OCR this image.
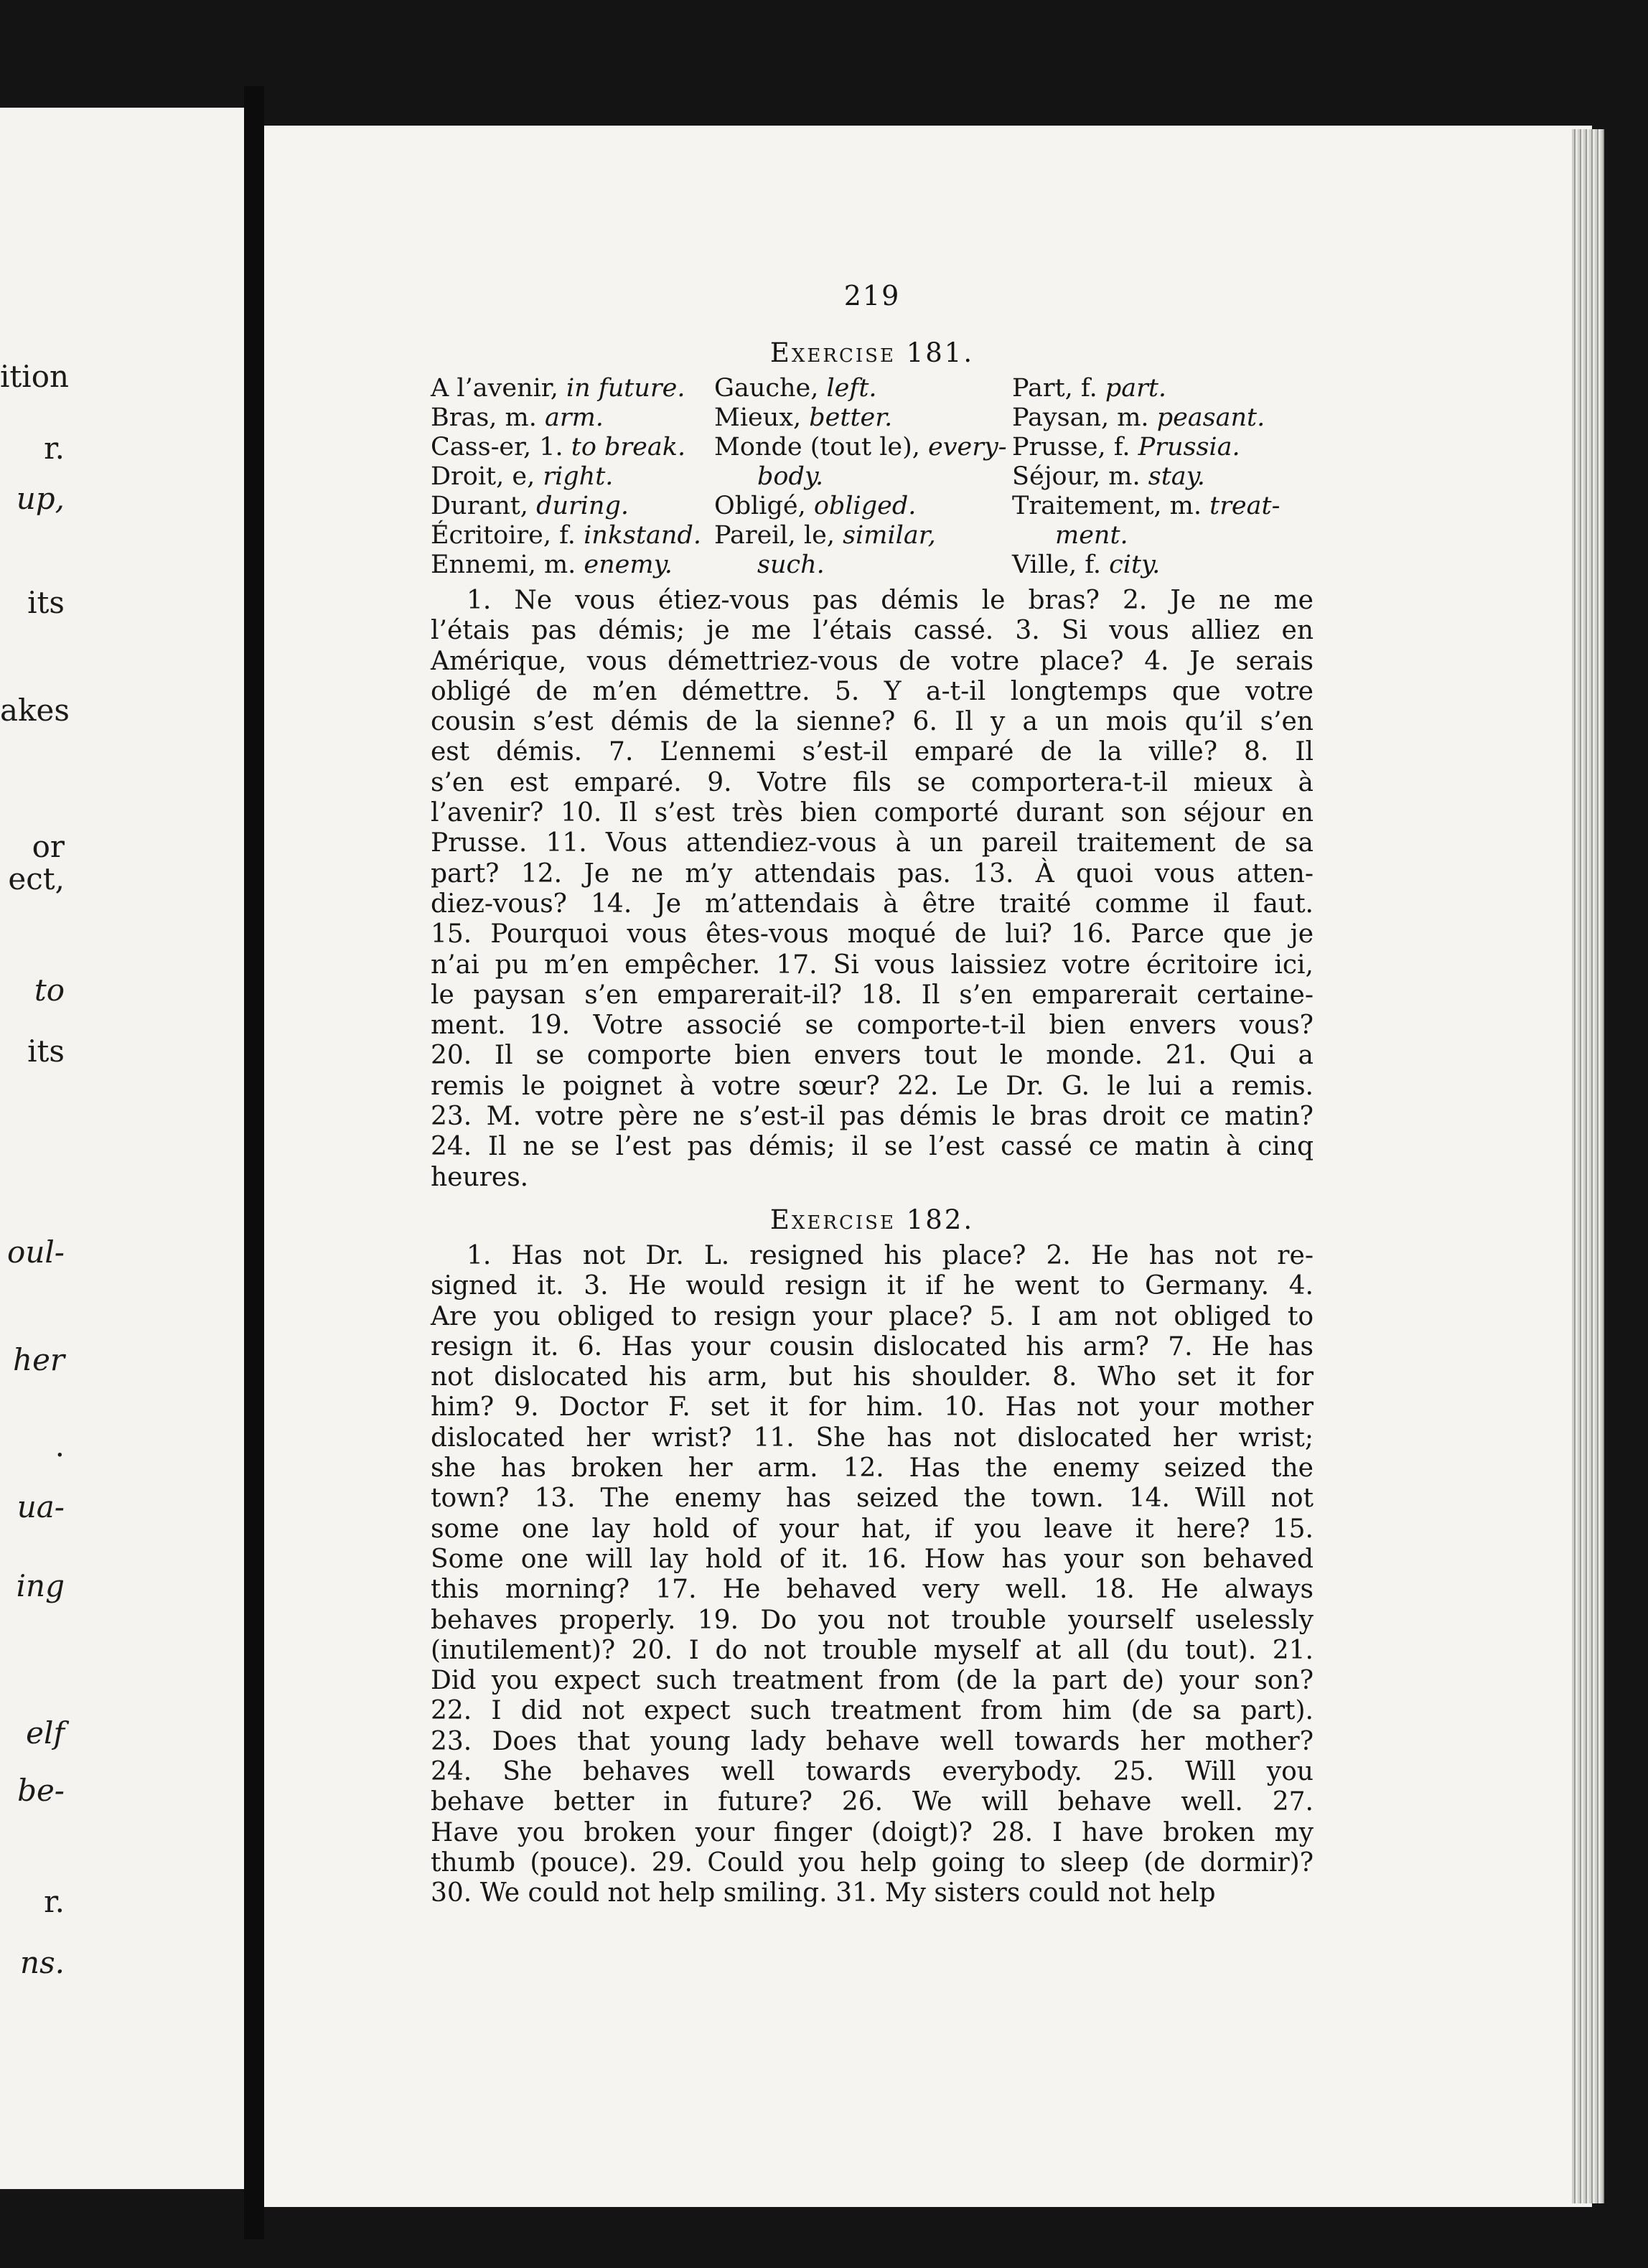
ition
r.
up,
its
akes
or
ect,
to
its
oul-
her
.
ua-
ing
elf
be-
r.
ns.
219
Exercise 181.
A l’avenir, in future.
Bras, m. arm.
Cass-er, 1. to break.
Droit, e, right.
Durant, during.
Écritoire, f. inkstand.
Ennemi, m. enemy.
Gauche, left.
Mieux, better.
Monde (tout le), every-
body.
Obligé, obliged.
Pareil, le, similar,
such.
Part, f. part.
Paysan, m. peasant.
Prusse, f. Prussia.
Séjour, m. stay.
Traitement, m. treat-
ment.
Ville, f. city.

1. Ne vous étiez-vous pas démis le bras? 2. Je ne me
l’étais pas démis; je me l’étais cassé. 3. Si vous alliez en
Amérique, vous démettriez-vous de votre place? 4. Je serais
obligé de m’en démettre. 5. Y a-t-il longtemps que votre
cousin s’est démis de la sienne? 6. Il y a un mois qu’il s’en
est démis. 7. L’ennemi s’est-il emparé de la ville? 8. Il
s’en est emparé. 9. Votre fils se comportera-t-il mieux à
l’avenir? 10. Il s’est très bien comporté durant son séjour en
Prusse. 11. Vous attendiez-vous à un pareil traitement de sa
part? 12. Je ne m’y attendais pas. 13. À quoi vous atten-
diez-vous? 14. Je m’attendais à être traité comme il faut.
15. Pourquoi vous êtes-vous moqué de lui? 16. Parce que je
n’ai pu m’en empêcher. 17. Si vous laissiez votre écritoire ici,
le paysan s’en emparerait-il? 18. Il s’en emparerait certaine-
ment. 19. Votre associé se comporte-t-il bien envers vous?
20. Il se comporte bien envers tout le monde. 21. Qui a
remis le poignet à votre sœur? 22. Le Dr. G. le lui a remis.
23. M. votre père ne s’est-il pas démis le bras droit ce matin?
24. Il ne se l’est pas démis; il se l’est cassé ce matin à cinq
heures.

Exercise 182.

1. Has not Dr. L. resigned his place? 2. He has not re-
signed it. 3. He would resign it if he went to Germany. 4.
Are you obliged to resign your place? 5. I am not obliged to
resign it. 6. Has your cousin dislocated his arm? 7. He has
not dislocated his arm, but his shoulder. 8. Who set it for
him? 9. Doctor F. set it for him. 10. Has not your mother
dislocated her wrist? 11. She has not dislocated her wrist;
she has broken her arm. 12. Has the enemy seized the
town? 13. The enemy has seized the town. 14. Will not
some one lay hold of your hat, if you leave it here? 15.
Some one will lay hold of it. 16. How has your son behaved
this morning? 17. He behaved very well. 18. He always
behaves properly. 19. Do you not trouble yourself uselessly
(inutilement)? 20. I do not trouble myself at all (du tout). 21.
Did you expect such treatment from (de la part de) your son?
22. I did not expect such treatment from him (de sa part).
23. Does that young lady behave well towards her mother?
24. She behaves well towards everybody. 25. Will you
behave better in future? 26. We will behave well. 27.
Have you broken your finger (doigt)? 28. I have broken my
thumb (pouce). 29. Could you help going to sleep (de dormir)?
30. We could not help smiling. 31. My sisters could not help
